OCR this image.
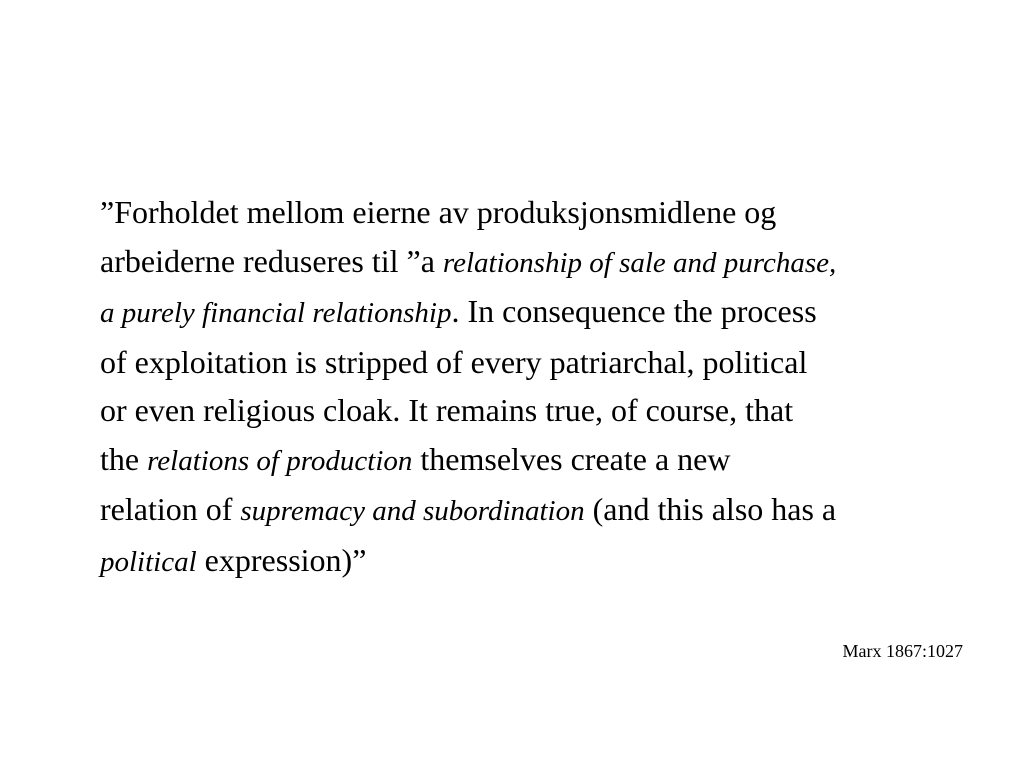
”Forholdet mellom eierne av produksjonsmidlene og
arbeiderne reduseres til ”a relationship of sale and purchase,
a purely financial relationship. In consequence the process
of exploitation is stripped of every patriarchal, political
or even religious cloak. It remains true, of course, that
the relations of production themselves create a new
relation of supremacy and subordination (and this also has a
political expression)”

Marx 1867:1027
